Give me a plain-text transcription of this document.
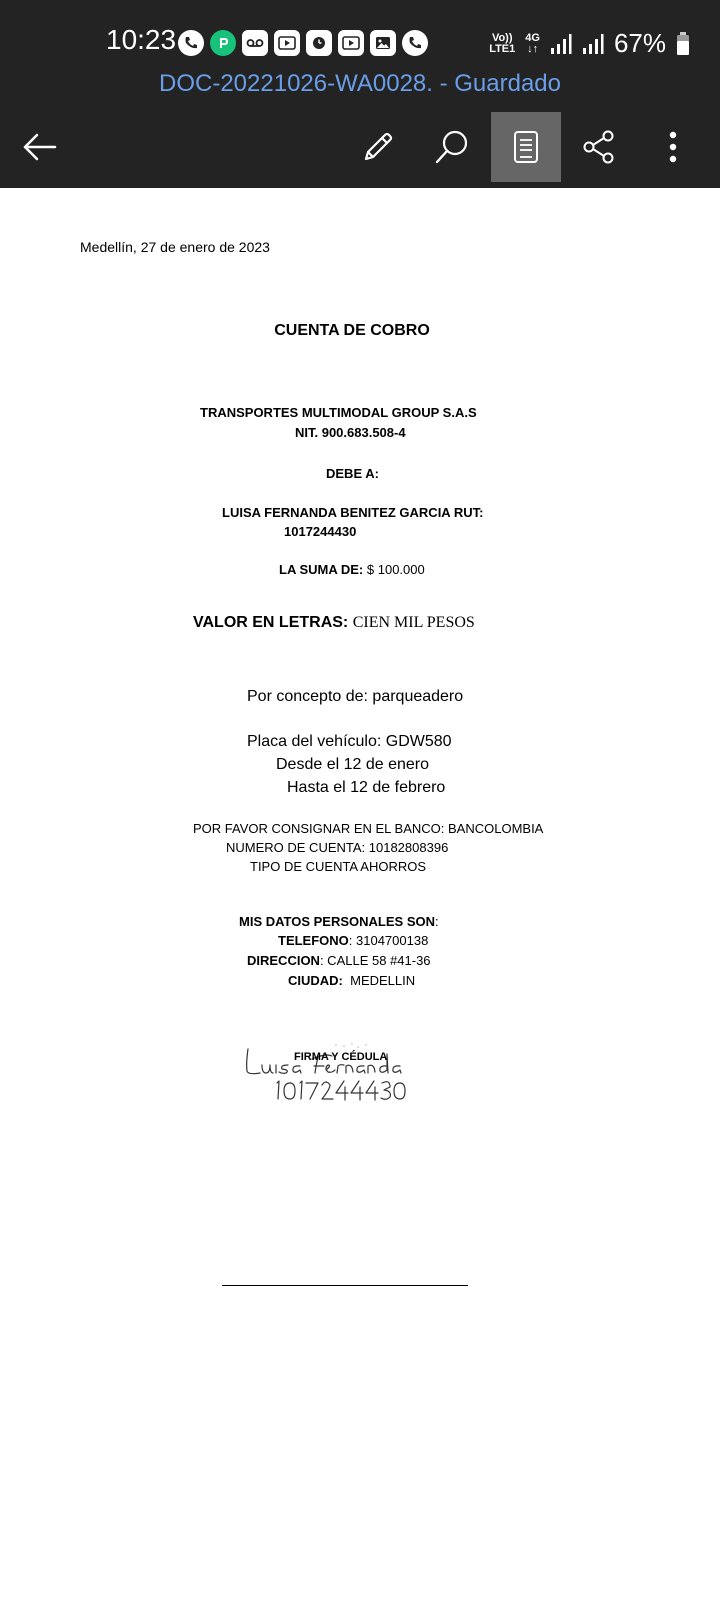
10:23	Vo))
LTE1
4G
↓↑	67%
DOC-20221026-WA0028. - Guardado
Medellín, 27 de enero de 2023
CUENTA DE COBRO
TRANSPORTES MULTIMODAL GROUP S.A.S
NIT. 900.683.508-4
DEBE A:
LUISA FERNANDA BENITEZ GARCIA RUT:
1017244430
LA SUMA DE: $ 100.000
VALOR EN LETRAS: CIEN MIL PESOS
Por concepto de: parqueadero
Placa del vehículo: GDW580
Desde el 12 de enero
Hasta el 12 de febrero
POR FAVOR CONSIGNAR EN EL BANCO: BANCOLOMBIA
NUMERO DE CUENTA: 10182808396
TIPO DE CUENTA AHORROS
MIS DATOS PERSONALES SON:
TELEFONO: 3104700138
DIRECCION: CALLE 58 #41-36
CIUDAD: MEDELLIN
FIRMA Y CÉDULA
